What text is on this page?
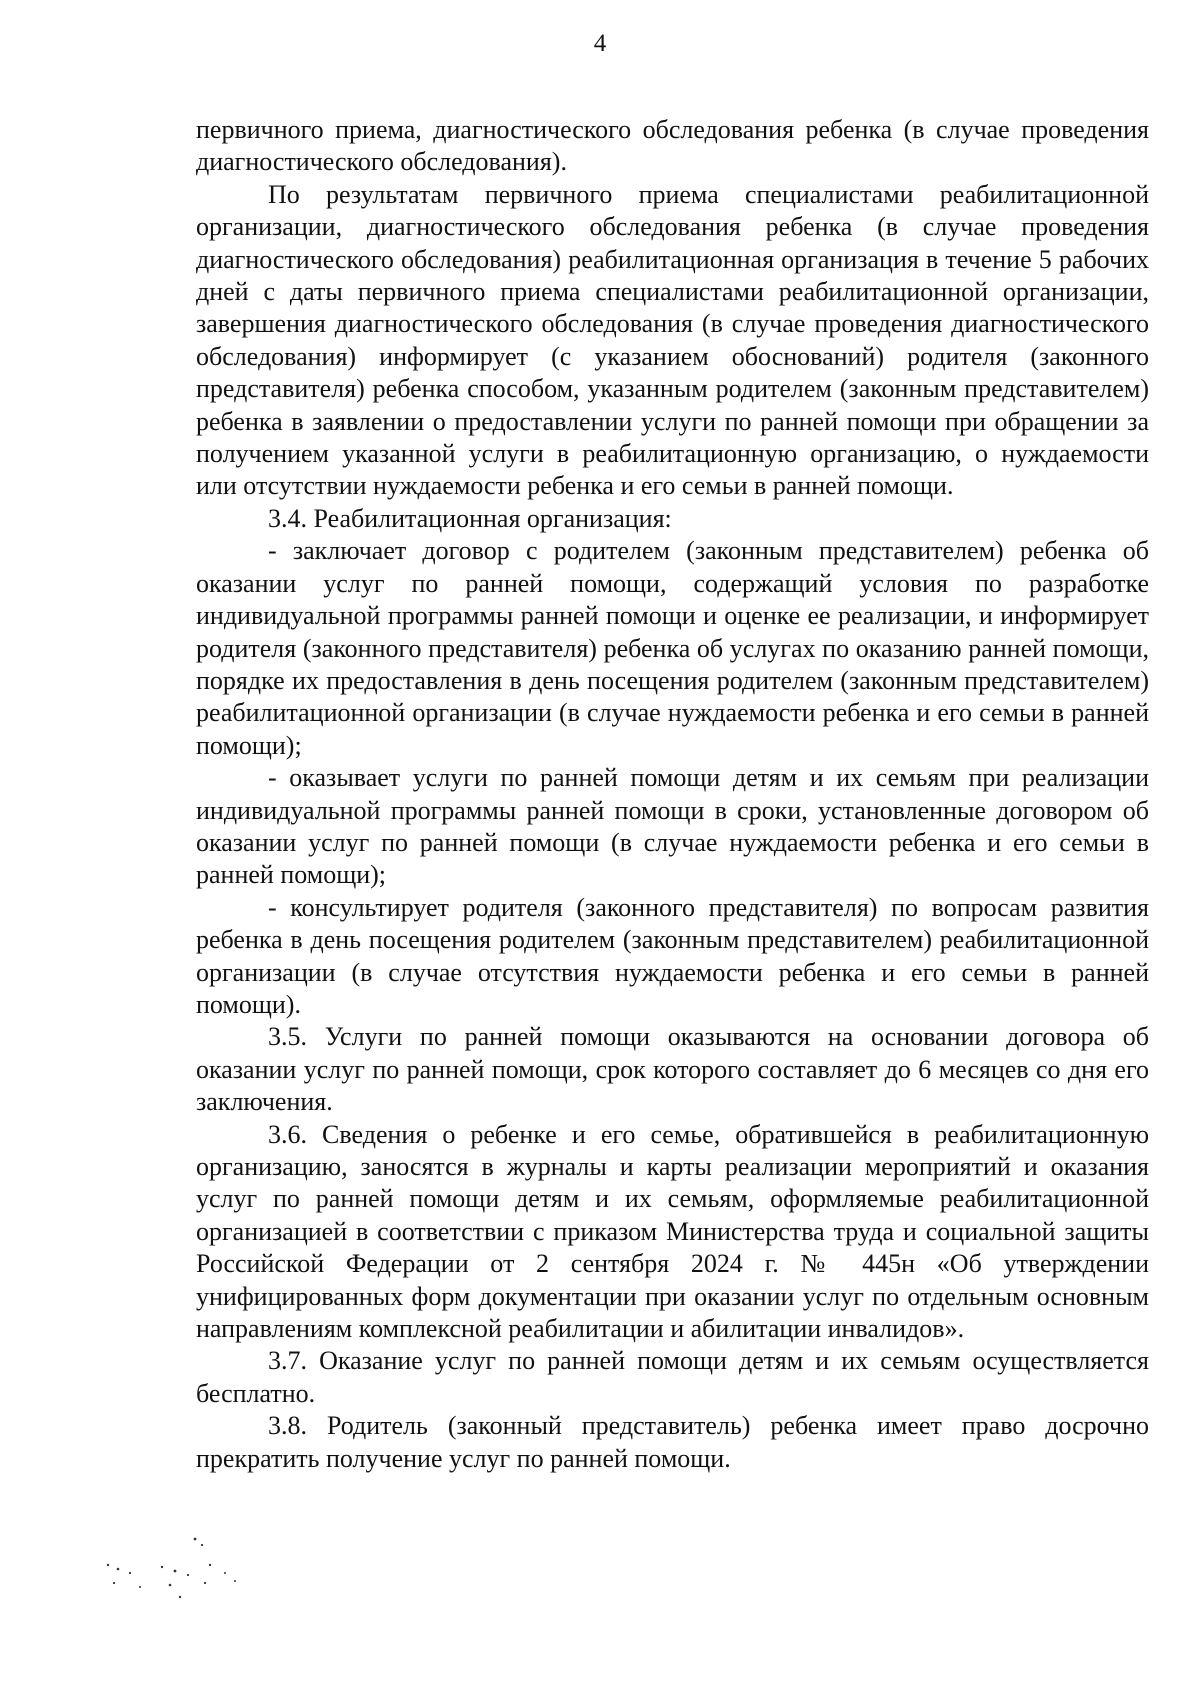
4

первичного приема, диагностического обследования ребенка (в случае проведения диагностического обследования).

По результатам первичного приема специалистами реабилитационной организации, диагностического обследования ребенка (в случае проведения диагностического обследования) реабилитационная организация в течение 5 рабочих дней с даты первичного приема специалистами реабилитационной организации, завершения диагностического обследования (в случае проведения диагностического обследования) информирует (с указанием обоснований) родителя (законного представителя) ребенка способом, указанным родителем (законным представителем) ребенка в заявлении о предоставлении услуги по ранней помощи при обращении за получением указанной услуги в реабилитационную организацию, о нуждаемости или отсутствии нуждаемости ребенка и его семьи в ранней помощи.

3.4. Реабилитационная организация:

- заключает договор с родителем (законным представителем) ребенка об оказании услуг по ранней помощи, содержащий условия по разработке индивидуальной программы ранней помощи и оценке ее реализации, и информирует родителя (законного представителя) ребенка об услугах по оказанию ранней помощи, порядке их предоставления в день посещения родителем (законным представителем) реабилитационной организации (в случае нуждаемости ребенка и его семьи в ранней помощи);

- оказывает услуги по ранней помощи детям и их семьям при реализации индивидуальной программы ранней помощи в сроки, установленные договором об оказании услуг по ранней помощи (в случае нуждаемости ребенка и его семьи в ранней помощи);

- консультирует родителя (законного представителя) по вопросам развития ребенка в день посещения родителем (законным представителем) реабилитационной организации (в случае отсутствия нуждаемости ребенка и его семьи в ранней помощи).

3.5. Услуги по ранней помощи оказываются на основании договора об оказании услуг по ранней помощи, срок которого составляет до 6 месяцев со дня его заключения.

3.6. Сведения о ребенке и его семье, обратившейся в реабилитационную организацию, заносятся в журналы и карты реализации мероприятий и оказания услуг по ранней помощи детям и их семьям, оформляемые реабилитационной организацией в соответствии с приказом Министерства труда и социальной защиты Российской Федерации от 2 сентября 2024 г. № 445н «Об утверждении унифицированных форм документации при оказании услуг по отдельным основным направлениям комплексной реабилитации и абилитации инвалидов».

3.7. Оказание услуг по ранней помощи детям и их семьям осуществляется бесплатно.

3.8. Родитель (законный представитель) ребенка имеет право досрочно прекратить получение услуг по ранней помощи.
